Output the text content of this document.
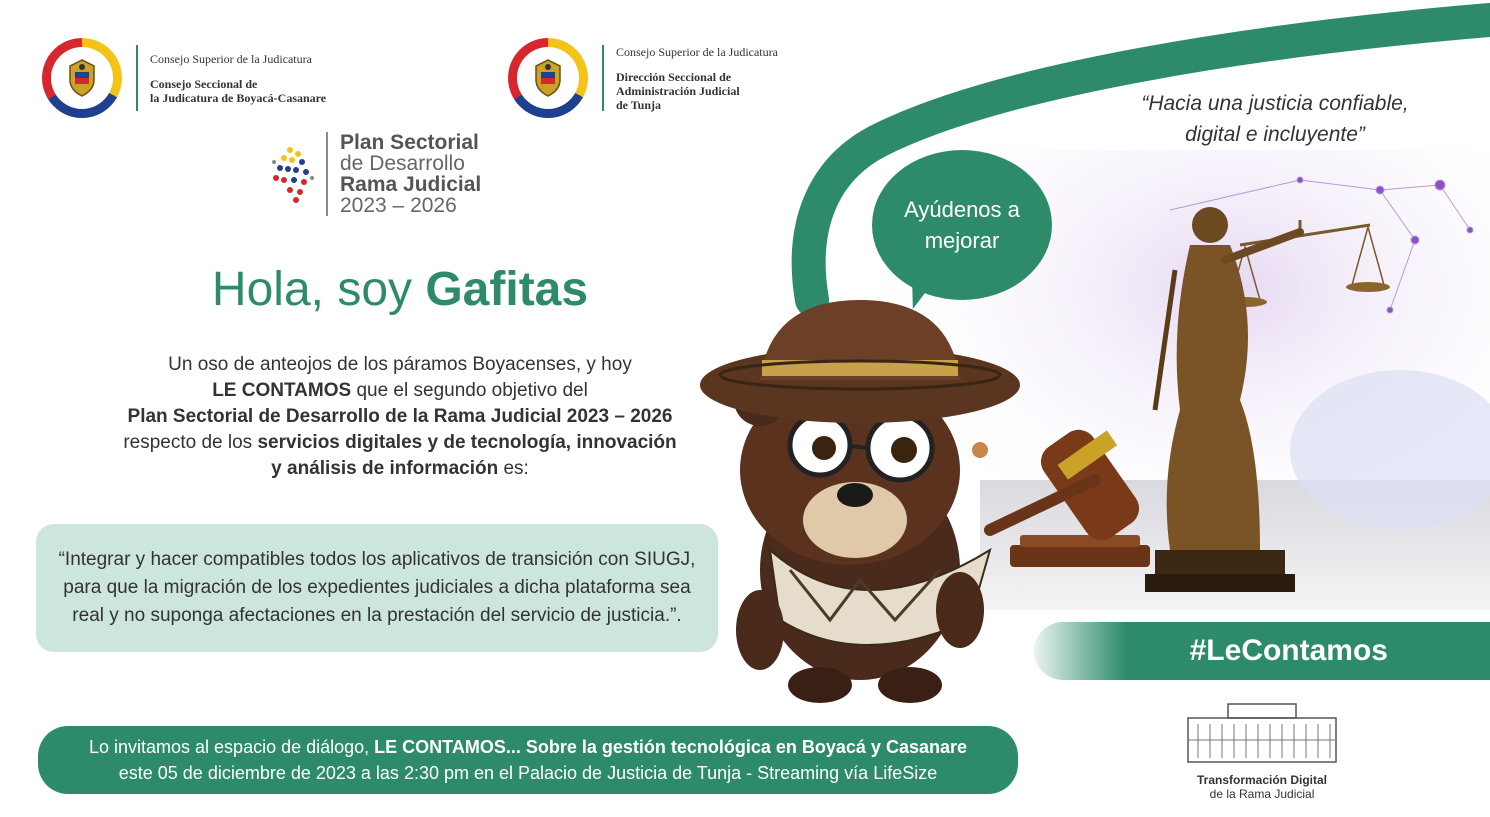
Consejo Superior de la Judicatura
Consejo Seccional de
la Judicatura de Boyacá-Casanare
Consejo Superior de la Judicatura
Dirección Seccional de
Administración Judicial
de Tunja
Plan Sectorial
de Desarrollo
Rama Judicial
2023 – 2026
Hola, soy Gafitas
Un oso de anteojos de los páramos Boyacenses, y hoy
LE CONTAMOS que el segundo objetivo del
Plan Sectorial de Desarrollo de la Rama Judicial 2023 – 2026
respecto de los servicios digitales y de tecnología, innovación
y análisis de información es:
“Integrar y hacer compatibles todos los aplicativos de transición con SIUGJ, para que la migración de los expedientes judiciales a dicha plataforma sea real y no suponga afectaciones en la prestación del servicio de justicia.”.
Lo invitamos al espacio de diálogo, LE CONTAMOS... Sobre la gestión tecnológica en Boyacá y Casanare
este 05 de diciembre de 2023 a las 2:30 pm en el Palacio de Justicia de Tunja - Streaming vía LifeSize
“Hacia una justicia confiable,
digital e incluyente”
Ayúdenos a
mejorar
#LeContamos
Transformación Digital
de la Rama Judicial
